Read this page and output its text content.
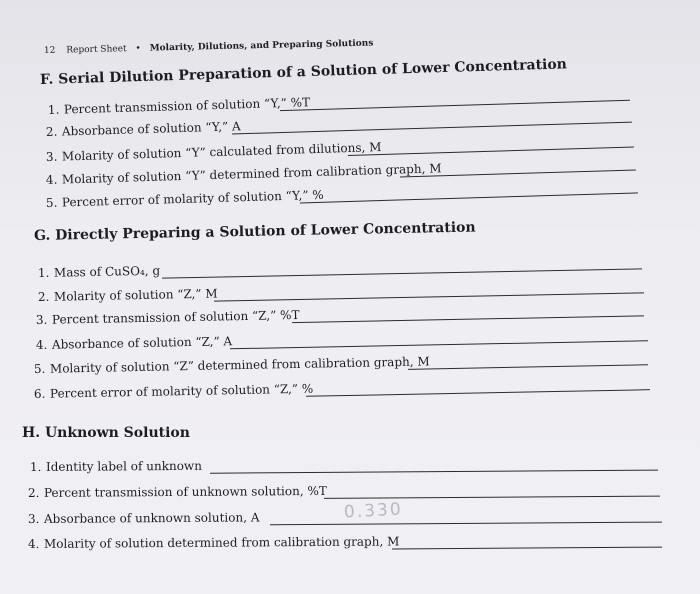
12 Report Sheet • Molarity, Dilutions, and Preparing Solutions
F. Serial Dilution Preparation of a Solution of Lower Concentration
1. Percent transmission of solution “Y,” %T
2. Absorbance of solution “Y,” A
3. Molarity of solution “Y” calculated from dilutions, M
4. Molarity of solution “Y” determined from calibration graph, M
5. Percent error of molarity of solution “Y,” %
G. Directly Preparing a Solution of Lower Concentration
1. Mass of CuSO₄, g
2. Molarity of solution “Z,” M
3. Percent transmission of solution “Z,” %T
4. Absorbance of solution “Z,” A
5. Molarity of solution “Z” determined from calibration graph, M
6. Percent error of molarity of solution “Z,” %
H. Unknown Solution
1. Identity label of unknown
2. Percent transmission of unknown solution, %T
3. Absorbance of unknown solution, A
4. Molarity of solution determined from calibration graph, M
0.330
